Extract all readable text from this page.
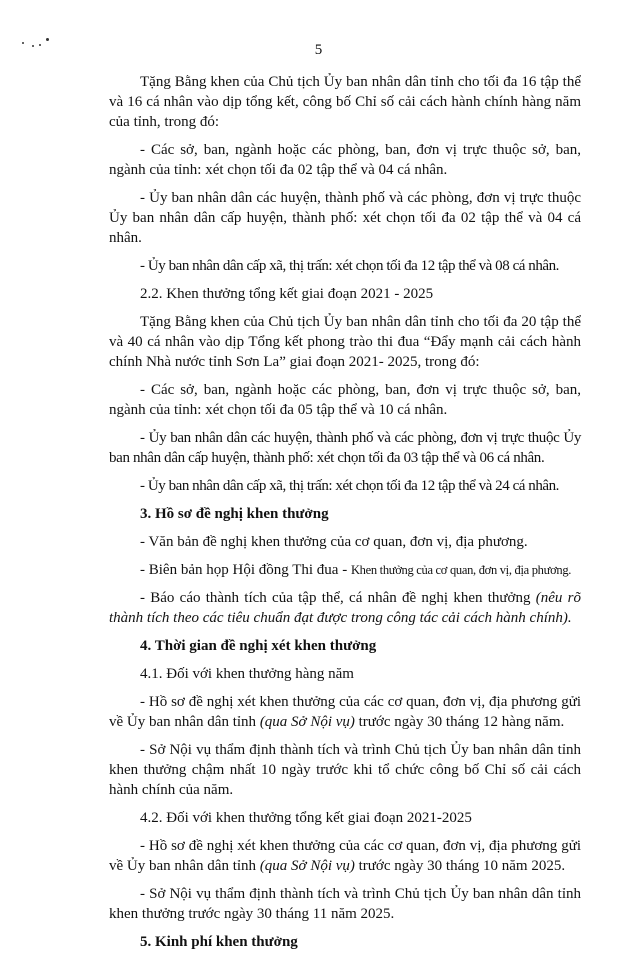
5

Tặng Bằng khen của Chủ tịch Ủy ban nhân dân tỉnh cho tối đa 16 tập thể và 16 cá nhân vào dịp tổng kết, công bố Chỉ số cải cách hành chính hàng năm của tỉnh, trong đó:

- Các sở, ban, ngành hoặc các phòng, ban, đơn vị trực thuộc sở, ban, ngành của tỉnh: xét chọn tối đa 02 tập thể và 04 cá nhân.

- Ủy ban nhân dân các huyện, thành phố và các phòng, đơn vị trực thuộc Ủy ban nhân dân cấp huyện, thành phố: xét chọn tối đa 02 tập thể và 04 cá nhân.

- Ủy ban nhân dân cấp xã, thị trấn: xét chọn tối đa 12 tập thể và 08 cá nhân.

2.2. Khen thưởng tổng kết giai đoạn 2021 - 2025

Tặng Bằng khen của Chủ tịch Ủy ban nhân dân tỉnh cho tối đa 20 tập thể và 40 cá nhân vào dịp Tổng kết phong trào thi đua “Đẩy mạnh cải cách hành chính Nhà nước tỉnh Sơn La” giai đoạn 2021- 2025, trong đó:

- Các sở, ban, ngành hoặc các phòng, ban, đơn vị trực thuộc sở, ban, ngành của tỉnh: xét chọn tối đa 05 tập thể và 10 cá nhân.

- Ủy ban nhân dân các huyện, thành phố và các phòng, đơn vị trực thuộc Ủy ban nhân dân cấp huyện, thành phố: xét chọn tối đa 03 tập thể và 06 cá nhân.

- Ủy ban nhân dân cấp xã, thị trấn: xét chọn tối đa 12 tập thể và 24 cá nhân.

3. Hồ sơ đề nghị khen thưởng

- Văn bản đề nghị khen thưởng của cơ quan, đơn vị, địa phương.

- Biên bản họp Hội đồng Thi đua - Khen thưởng của cơ quan, đơn vị, địa phương.

- Báo cáo thành tích của tập thể, cá nhân đề nghị khen thưởng (nêu rõ thành tích theo các tiêu chuẩn đạt được trong công tác cải cách hành chính).

4. Thời gian đề nghị xét khen thưởng

4.1. Đối với khen thưởng hàng năm

- Hồ sơ đề nghị xét khen thưởng của các cơ quan, đơn vị, địa phương gửi về Ủy ban nhân dân tỉnh (qua Sở Nội vụ) trước ngày 30 tháng 12 hàng năm.

- Sở Nội vụ thẩm định thành tích và trình Chủ tịch Ủy ban nhân dân tỉnh khen thưởng chậm nhất 10 ngày trước khi tổ chức công bố Chỉ số cải cách hành chính của năm.

4.2. Đối với khen thưởng tổng kết giai đoạn 2021-2025

- Hồ sơ đề nghị xét khen thưởng của các cơ quan, đơn vị, địa phương gửi về Ủy ban nhân dân tỉnh (qua Sở Nội vụ) trước ngày 30 tháng 10 năm 2025.

- Sở Nội vụ thẩm định thành tích và trình Chủ tịch Ủy ban nhân dân tỉnh khen thưởng trước ngày 30 tháng 11 năm 2025.

5. Kinh phí khen thưởng
